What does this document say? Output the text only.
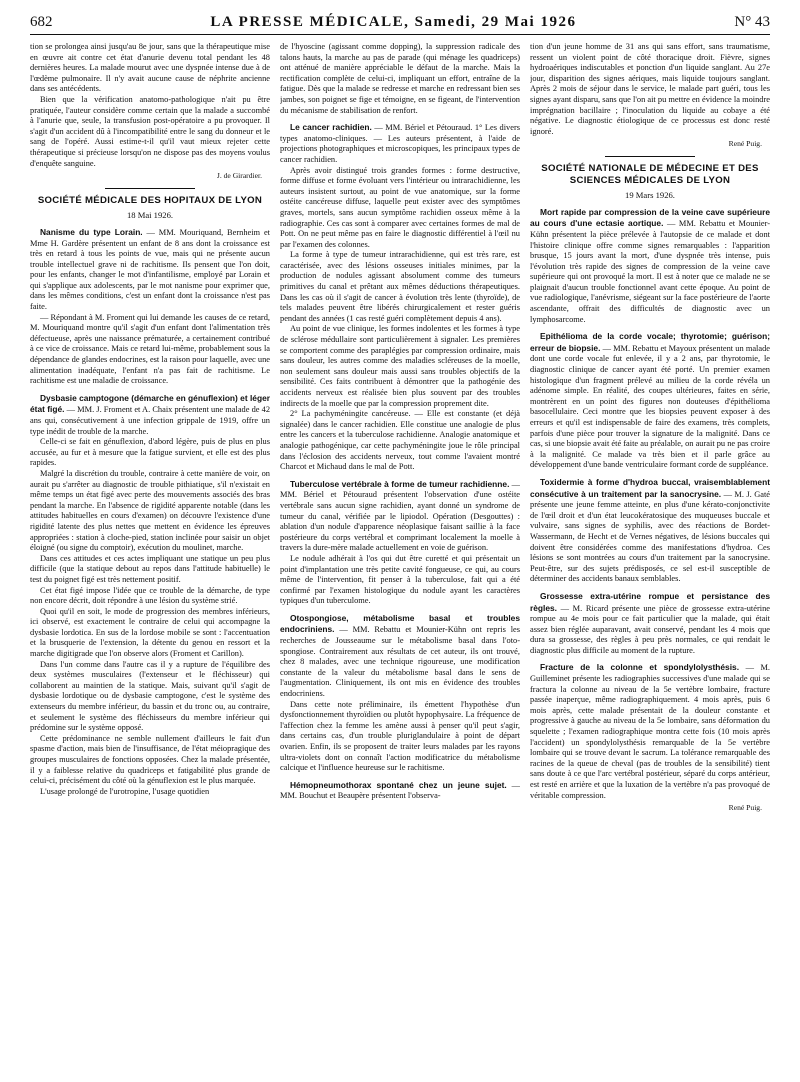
682	LA PRESSE MÉDICALE, Samedi, 29 Mai 1926	N° 43

tion se prolongea ainsi jusqu'au 8e jour, sans que la thérapeutique mise en œuvre ait contre cet état d'anurie devenu total pendant les 48 dernières heures. La malade mourut avec une dyspnée intense due à de l'œdème pulmonaire. Il n'y avait aucune cause de néphrite ancienne dans ses antécédents.

Bien que la vérification anatomo-pathologique n'ait pu être pratiquée, l'auteur considère comme certain que la malade a succombé à l'anurie que, seule, la transfusion post-opératoire a pu provoquer. Il s'agit d'un accident dû à l'incompatibilité entre le sang du donneur et le sang de l'opéré. Aussi estime-t-il qu'il vaut mieux rejeter cette thérapeutique si précieuse lorsqu'on ne dispose pas des moyens voulus d'enquête sanguine.

J. de Girardier.
SOCIÉTÉ MÉDICALE DES HOPITAUX DE LYON
18 Mai 1926.

Nanisme du type Lorain. — MM. Mouriquand, Bernheim et Mme H. Gardère présentent un enfant de 8 ans dont la croissance est très en retard à tous les points de vue, mais qui ne présente aucun trouble intellectuel grave ni de rachitisme. Ils pensent que l'on doit, pour les enfants, changer le mot d'infantilisme, employé par Lorain et qui s'applique aux adolescents, par le mot nanisme pour exprimer que, dans les mêmes conditions, c'est un enfant dont la croissance n'est pas faite.

— Répondant à M. Froment qui lui demande les causes de ce retard, M. Mouriquand montre qu'il s'agit d'un enfant dont l'alimentation très défectueuse, après une naissance prématurée, a certainement contribué à ce vice de croissance. Mais ce retard lui-même, probablement sous la dépendance de glandes endocrines, est la raison pour laquelle, avec une alimentation inadéquate, l'enfant n'a pas fait de rachitisme. Le rachitisme est une maladie de croissance.

Dysbasie camptogone (démarche en génuflexion) et léger état figé. — MM. J. Froment et A. Chaix présentent une malade de 42 ans qui, consécutivement à une infection grippale de 1919, offre un type inédit de trouble de la marche.

Celle-ci se fait en génuflexion, d'abord légère, puis de plus en plus accusée, au fur et à mesure que la fatigue survient, et elle est des plus rapides.

Malgré la discrétion du trouble, contraire à cette manière de voir, on aurait pu s'arrêter au diagnostic de trouble pithiatique, s'il n'existait en même temps un état figé avec perte des mouvements associés des bras pendant la marche. En l'absence de rigidité apparente notable (dans les attitudes habituelles en cours d'examen) on découvre l'existence d'une rigidité latente des plus nettes que mettent en évidence les épreuves appropriées : station à cloche-pied, station inclinée pour saisir un objet éloigné (ou signe du comptoir), exécution du moulinet, marche.

Dans ces attitudes et ces actes impliquant une statique un peu plus difficile (que la statique debout au repos dans l'attitude habituelle) le test du poignet figé est très nettement positif.

Cet état figé impose l'idée que ce trouble de la démarche, de type non encore décrit, doit répondre à une lésion du système strié.

Quoi qu'il en soit, le mode de progression des membres inférieurs, ici observé, est exactement le contraire de celui qui accompagne la dysbasie lordotica. En sus de la lordose mobile se sont : l'accentuation et la brusquerie de l'extension, la détente du genou en ressort et la marche digitigrade que l'on observe alors (Froment et Carillon).

Dans l'un comme dans l'autre cas il y a rupture de l'équilibre des deux systèmes musculaires (l'extenseur et le fléchisseur) qui collaborent au maintien de la statique. Mais, suivant qu'il s'agit de dysbasie lordotique ou de dysbasie camptogone, c'est le système des extenseurs du membre inférieur, du bassin et du tronc ou, au contraire, et seulement le système des fléchisseurs du membre inférieur qui prédomine sur le système opposé.

Cette prédominance ne semble nullement d'ailleurs le fait d'un spasme d'action, mais bien de l'insuffisance, de l'état méiopragique des groupes musculaires de fonctions opposées. Chez la malade présentée, il y a faiblesse relative du quadriceps et fatigabilité plus grande de celui-ci, précisément du côté où la génuflexion est le plus marquée.

L'usage prolongé de l'urotropine, l'usage quotidien

de l'hyoscine (agissant comme dopping), la suppression radicale des talons hauts, la marche au pas de parade (qui ménage les quadriceps) ont atténué de manière appréciable le défaut de la marche. Mais la rectification complète de celui-ci, impliquant un effort, entraîne de la fatigue. Dès que la malade se redresse et marche en redressant bien ses jambes, son poignet se fige et témoigne, en se figeant, de l'intervention du mécanisme de stabilisation de renfort.

Le cancer rachidien. — MM. Bériel et Pétouraud. 1° Les divers types anatomo-cliniques. — Les auteurs présentent, à l'aide de projections photographiques et microscopiques, les principaux types de cancer rachidien.

Après avoir distingué trois grandes formes : forme destructive, forme diffuse et forme évoluant vers l'intérieur ou intrarachidienne, les auteurs insistent surtout, au point de vue anatomique, sur la forme ostéite cancéreuse diffuse, laquelle peut exister avec des symptômes graves, mortels, sans aucun symptôme rachidien osseux même à la radiographie. Ces cas sont à comparer avec certaines formes de mal de Pott. On ne peut même pas en faire le diagnostic différentiel à l'œil nu par l'examen des colonnes.

La forme à type de tumeur intrarachidienne, qui est très rare, est caractérisée, avec des lésions osseuses initiales minimes, par la production de nodules agissant absolument comme des tumeurs primitives du canal et prêtant aux mêmes déductions thérapeutiques. Dans les cas où il s'agit de cancer à évolution très lente (thyroïde), de tels malades peuvent être libérés chirurgicalement et rester guéris pendant des années (1 cas resté guéri complètement depuis 4 ans).

Au point de vue clinique, les formes indolentes et les formes à type de sclérose médullaire sont particulièrement à signaler. Les premières se comportent comme des paraplégies par compression ordinaire, mais sans douleur, les autres comme des maladies scléreuses de la moelle, non seulement sans douleur mais aussi sans troubles objectifs de la sensibilité. Ces faits contribuent à démontrer que la pathogénie des accidents nerveux est réalisée bien plus souvent par des troubles indirects de la moelle que par la compression proprement dite.

2° La pachyméningite cancéreuse. — Elle est constante (et déjà signalée) dans le cancer rachidien. Elle constitue une analogie de plus entre les cancers et la tuberculose rachidienne. Analogie anatomique et analogie pathogénique, car cette pachyméningite joue le rôle principal dans l'éclosion des accidents nerveux, tout comme l'avaient montré Charcot et Michaud dans le mal de Pott.

Tuberculose vertébrale à forme de tumeur rachidienne. — MM. Bériel et Pétouraud présentent l'observation d'une ostéite vertébrale sans aucun signe rachidien, ayant donné un syndrome de tumeur du canal, vérifiée par le lipiodol. Opération (Desgouttes) : ablation d'un nodule d'apparence néoplasique faisant saillie à la face postérieure du corps vertébral et comprimant localement la moelle à travers la dure-mère malade actuellement en voie de guérison.

Le nodule adhérait à l'os qui dut être curetté et qui présentait un point d'implantation une très petite cavité fongueuse, ce qui, au cours même de l'intervention, fit penser à la tuberculose, fait qui a été confirmé par l'examen histologique du nodule ayant les caractères typiques d'un tuberculome.

Otospongiose, métabolisme basal et troubles endocriniens. — MM. Rebattu et Mounier-Kühn ont repris les recherches de Jousseaume sur le métabolisme basal dans l'oto-spongiose. Contrairement aux résultats de cet auteur, ils ont trouvé, chez 8 malades, avec une technique rigoureuse, une modification constante de la valeur du métabolisme basal dans le sens de l'augmentation. Cliniquement, ils ont mis en évidence des troubles endocriniens.

Dans cette note préliminaire, ils émettent l'hypothèse d'un dysfonctionnement thyroïdien ou plutôt hypophysaire. La fréquence de l'affection chez la femme les amène aussi à penser qu'il peut s'agir, dans certains cas, d'un trouble pluriglandulaire à point de départ ovarien. Enfin, ils se proposent de traiter leurs malades par les rayons ultra-violets dont on connaît l'action modificatrice du métabolisme calcique et l'influence heureuse sur le rachitisme.

Hémopneumothorax spontané chez un jeune sujet. — MM. Bouchut et Beaupère présentent l'observa-

tion d'un jeune homme de 31 ans qui sans effort, sans traumatisme, ressent un violent point de côté thoracique droit. Fièvre, signes hydroaériques indiscutables et ponction d'un liquide sanglant. Au 27e jour, disparition des signes aériques, mais liquide toujours sanglant. Après 2 mois de séjour dans le service, le malade part guéri, tous les signes ayant disparu, sans que l'on ait pu mettre en évidence la moindre imprégnation bacillaire ; l'inoculation du liquide au cobaye a été négative. Le diagnostic étiologique de ce processus est donc resté ignoré.

René Puig.
SOCIÉTÉ NATIONALE DE MÉDECINE ET DES SCIENCES MÉDICALES DE LYON
19 Mars 1926.

Mort rapide par compression de la veine cave supérieure au cours d'une ectasie aortique. — MM. Rebattu et Mounier-Kühn présentent la pièce prélevée à l'autopsie de ce malade et dont l'histoire clinique offre comme signes remarquables : l'apparition brusque, 15 jours avant la mort, d'une dyspnée très intense, puis l'évolution très rapide des signes de compression de la veine cave supérieure qui ont provoqué la mort. Il est à noter que ce malade ne se plaignait d'aucun trouble fonctionnel avant cette époque. Au point de vue radiologique, l'anévrisme, siégeant sur la face postérieure de l'aorte ascendante, offrait des difficultés de diagnostic avec un lymphosarcome.

Epithélioma de la corde vocale; thyrotomie; guérison; erreur de biopsie. — MM. Rebattu et Mayoux présentent un malade dont une corde vocale fut enlevée, il y a 2 ans, par thyrotomie, le diagnostic clinique de cancer ayant été porté. Un premier examen histologique d'un fragment prélevé au milieu de la corde révéla un adénome simple. En réalité, des coupes ultérieures, faites en série, montrèrent en un point des figures non douteuses d'épithélioma basocellulaire. Ceci montre que les biopsies peuvent exposer à des erreurs et qu'il est indispensable de faire des examens, très complets, parfois d'une pièce pour trouver la signature de la malignité. Dans ce cas, si une biopsie avait été faite au préalable, on aurait pu ne pas croire à la malignité. Ce malade va très bien et il parle grâce au développement d'une bande ventriculaire formant corde de suppléance.

Toxidermie à forme d'hydroa buccal, vraisemblablement consécutive à un traitement par la sanocrysine. — M. J. Gaté présente une jeune femme atteinte, en plus d'une kérato-conjonctivite de l'œil droit et d'un état leucokératosique des muqueuses buccale et vulvaire, sans signes de syphilis, avec des réactions de Bordet-Wassermann, de Hecht et de Vernes négatives, de lésions buccales qui doivent être considérées comme des manifestations d'hydroa. Ces lésions se sont montrées au cours d'un traitement par la sanocrysine. Peut-être, sur des sujets prédisposés, ce sel est-il susceptible de déterminer des accidents banaux semblables.

Grossesse extra-utérine rompue et persistance des règles. — M. Ricard présente une pièce de grossesse extra-utérine rompue au 4e mois pour ce fait particulier que la malade, qui était assez bien réglée auparavant, avait conservé, pendant les 4 mois que dura sa grossesse, des règles à peu près normales, ce qui rendait le diagnostic plus difficile au moment de la rupture.

Fracture de la colonne et spondylolysthésis. — M. Guilleminet présente les radiographies successives d'une malade qui se fractura la colonne au niveau de la 5e vertèbre lombaire, fracture passée inaperçue, même radiographiquement. 4 mois après, puis 6 mois après, cette malade présentait de la douleur constante et progressive à gauche au niveau de la 5e lombaire, sans déformation du squelette ; l'examen radiographique montra cette fois (10 mois après l'accident) un spondylolysthésis remarquable de la 5e vertèbre lombaire qui se trouve devant le sacrum. La tolérance remarquable des racines de la queue de cheval (pas de troubles de la sensibilité) tient sans doute à ce que l'arc vertébral postérieur, séparé du corps antérieur, est resté en arrière et que la luxation de la vertèbre n'a pas provoqué de véritable compression.

René Puig.
